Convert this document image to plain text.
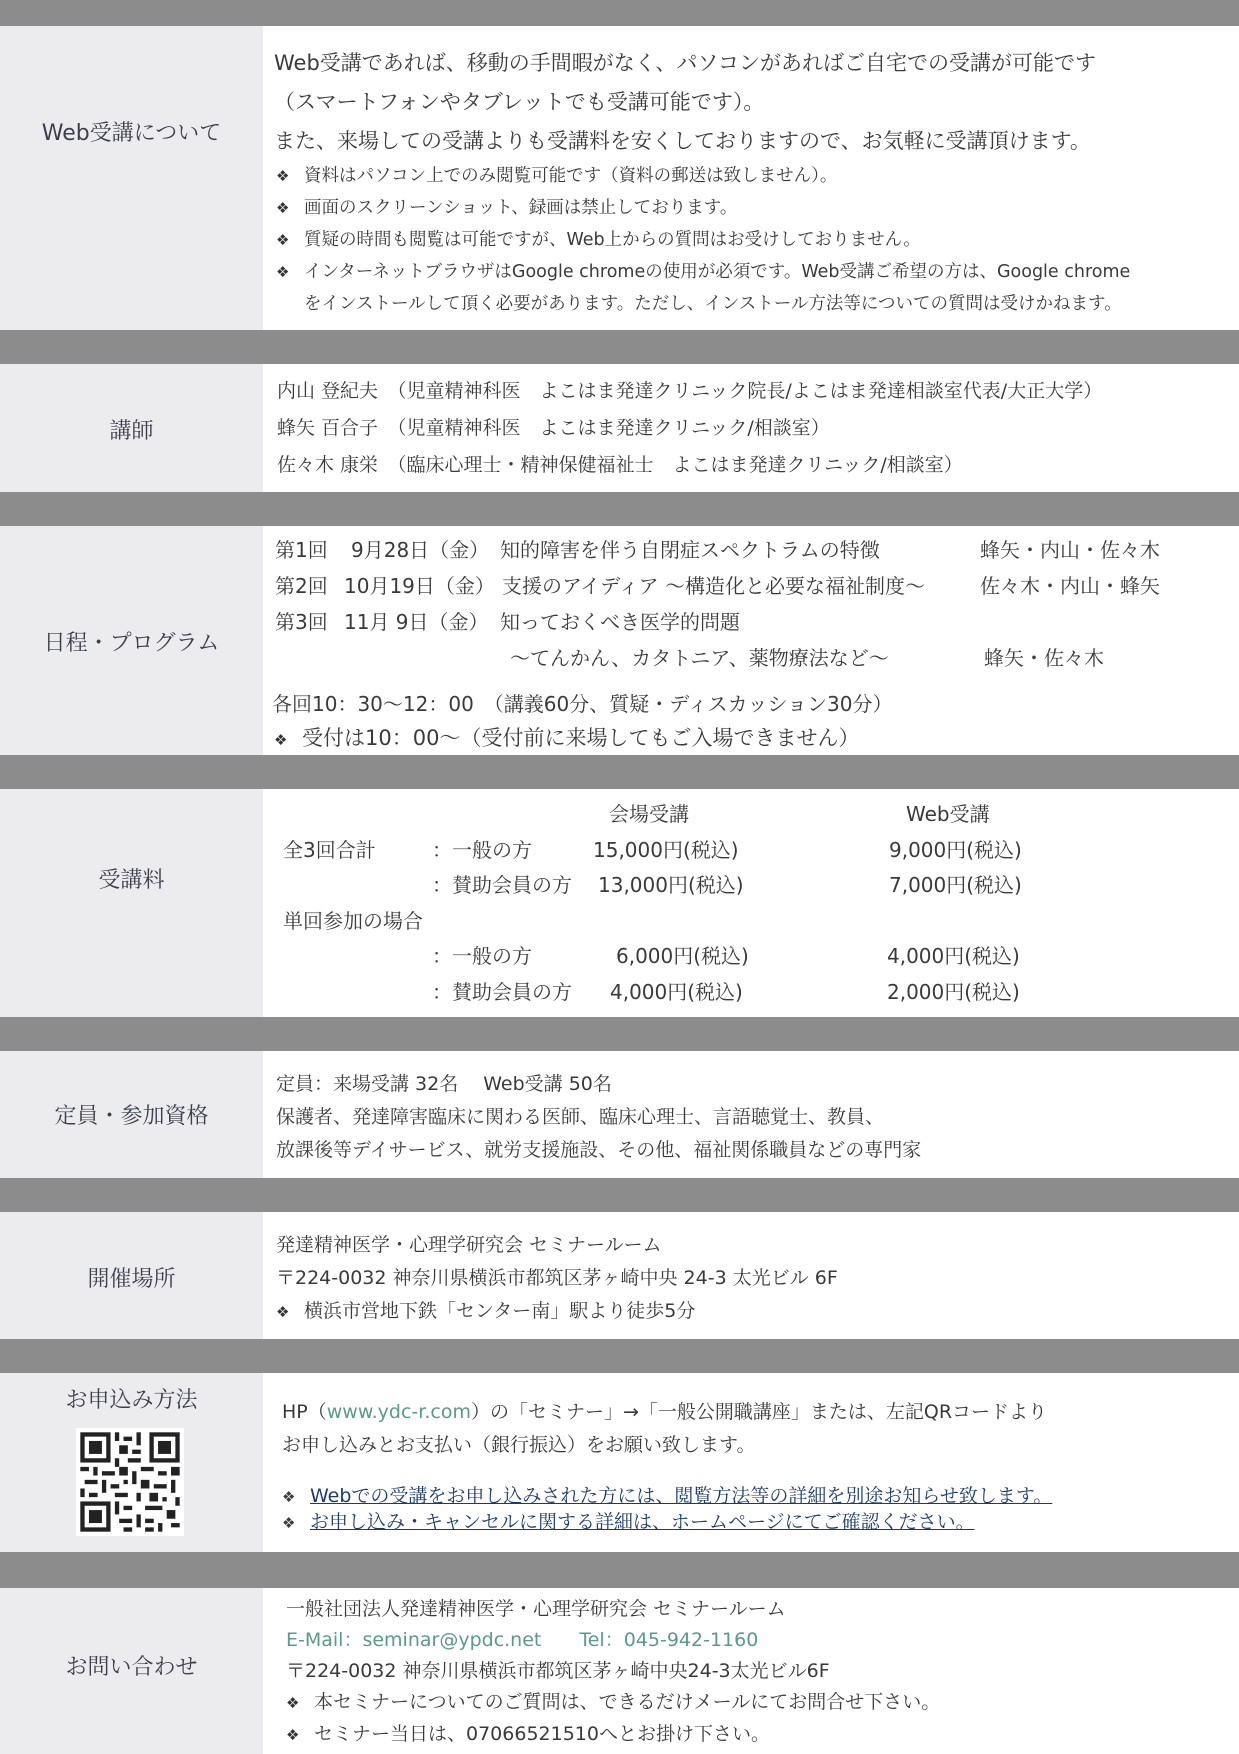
Web受講について
Web受講であれば、移動の手間暇がなく、パソコンがあればご自宅での受講が可能です
（スマートフォンやタブレットでも受講可能です）。
また、来場しての受講よりも受講料を安くしておりますので、お気軽に受講頂けます。
❖ 資料はパソコン上でのみ閲覧可能です（資料の郵送は致しません）。
❖ 画面のスクリーンショット、録画は禁止しております。
❖ 質疑の時間も閲覧は可能ですが、Web上からの質問はお受けしておりません。
❖ インターネットブラウザはGoogle chromeの使用が必須です。Web受講ご希望の方は、Google chrome
をインストールして頂く必要があります。ただし、インストール方法等についての質問は受けかねます。
講師
内山 登紀夫　（児童精神科医　よこはま発達クリニック院長/よこはま発達相談室代表/大正大学）
蜂矢 百合子　（児童精神科医　よこはま発達クリニック/相談室）
佐々木 康栄　（臨床心理士・精神保健福祉士　よこはま発達クリニック/相談室）
日程・プログラム
第1回 9月28日（金） 知的障害を伴う自閉症スペクトラムの特徴	蜂矢・内山・佐々木
第2回 10月19日（金） 支援のアイディア ～構造化と必要な福祉制度～	佐々木・内山・蜂矢
第3回 11月 9日（金） 知っておくべき医学的問題
～てんかん、カタトニア、薬物療法など～	蜂矢・佐々木
各回10：30～12：00　（講義60分、質疑・ディスカッション30分）
❖ 受付は10：00～（受付前に来場してもご入場できません）
受講料
会場受講	Web受講
全3回合計	：一般の方	15,000円(税込)	9,000円(税込)
：賛助会員の方 13,000円(税込)	7,000円(税込)
単回参加の場合
：一般の方	6,000円(税込)	4,000円(税込)
：賛助会員の方 4,000円(税込)	2,000円(税込)
定員・参加資格
定員：来場受講 32名　 Web受講 50名
保護者、発達障害臨床に関わる医師、臨床心理士、言語聴覚士、教員、
放課後等デイサービス、就労支援施設、その他、福祉関係職員などの専門家
開催場所
発達精神医学・心理学研究会 セミナールーム
〒224-0032 神奈川県横浜市都筑区茅ヶ崎中央 24-3 太光ビル 6F
❖ 横浜市営地下鉄「センター南」駅より徒歩5分
お申込み方法	HP（www.ydc-r.com）の「セミナー」→「一般公開職講座」または、左記QRコードより
お申し込みとお支払い（銀行振込）をお願い致します。
❖ Webでの受講をお申し込みされた方には、閲覧方法等の詳細を別途お知らせ致します。
❖ お申し込み・キャンセルに関する詳細は、ホームページにてご確認ください。
お問い合わせ
一般社団法人発達精神医学・心理学研究会 セミナールーム
E-Mail：seminar@ypdc.net Tel：045-942-1160
〒224-0032 神奈川県横浜市都筑区茅ヶ崎中央24-3太光ビル6F
❖ 本セミナーについてのご質問は、できるだけメールにてお問合せ下さい。
❖ セミナー当日は、07066521510へとお掛け下さい。
